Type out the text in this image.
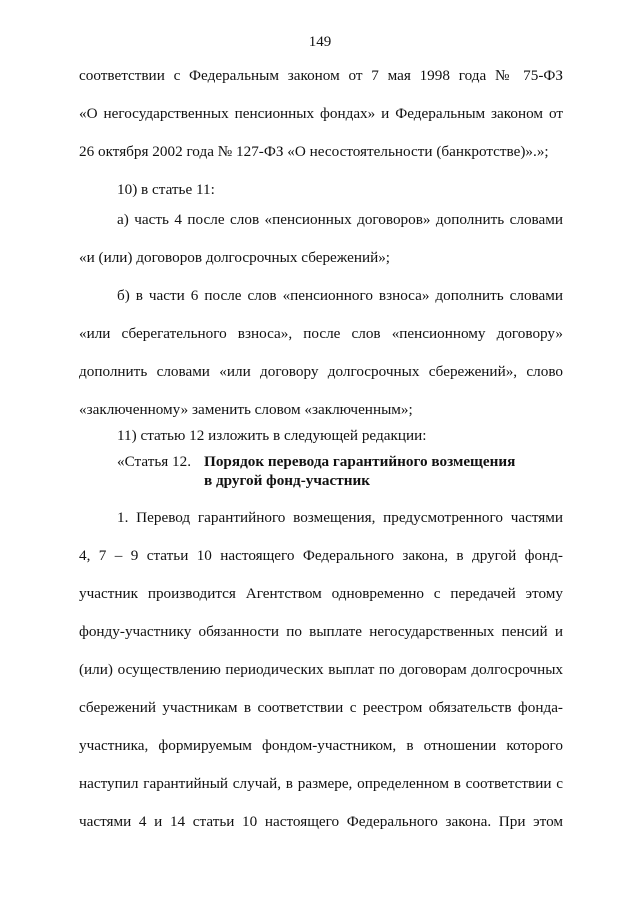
149
соответствии с Федеральным законом от 7 мая 1998 года № 75-ФЗ
«О негосударственных пенсионных фондах» и Федеральным законом от
26 октября 2002 года № 127-ФЗ «О несостоятельности (банкротстве)».»;
10) в статье 11:
а) часть 4 после слов «пенсионных договоров» дополнить словами
«и (или) договоров долгосрочных сбережений»;
б) в части 6 после слов «пенсионного взноса» дополнить словами
«или сберегательного взноса», после слов «пенсионному договору»
дополнить словами «или договору долгосрочных сбережений», слово
«заключенному» заменить словом «заключенным»;
11) статью 12 изложить в следующей редакции:
«Статья 12. Порядок перевода гарантийного возмещения
в другой фонд-участник
1. Перевод гарантийного возмещения, предусмотренного частями
4, 7 – 9 статьи 10 настоящего Федерального закона, в другой фонд-
участник производится Агентством одновременно с передачей этому
фонду-участнику обязанности по выплате негосударственных пенсий и
(или) осуществлению периодических выплат по договорам долгосрочных
сбережений участникам в соответствии с реестром обязательств фонда-
участника, формируемым фондом-участником, в отношении которого
наступил гарантийный случай, в размере, определенном в соответствии с
частями 4 и 14 статьи 10 настоящего Федерального закона. При этом
